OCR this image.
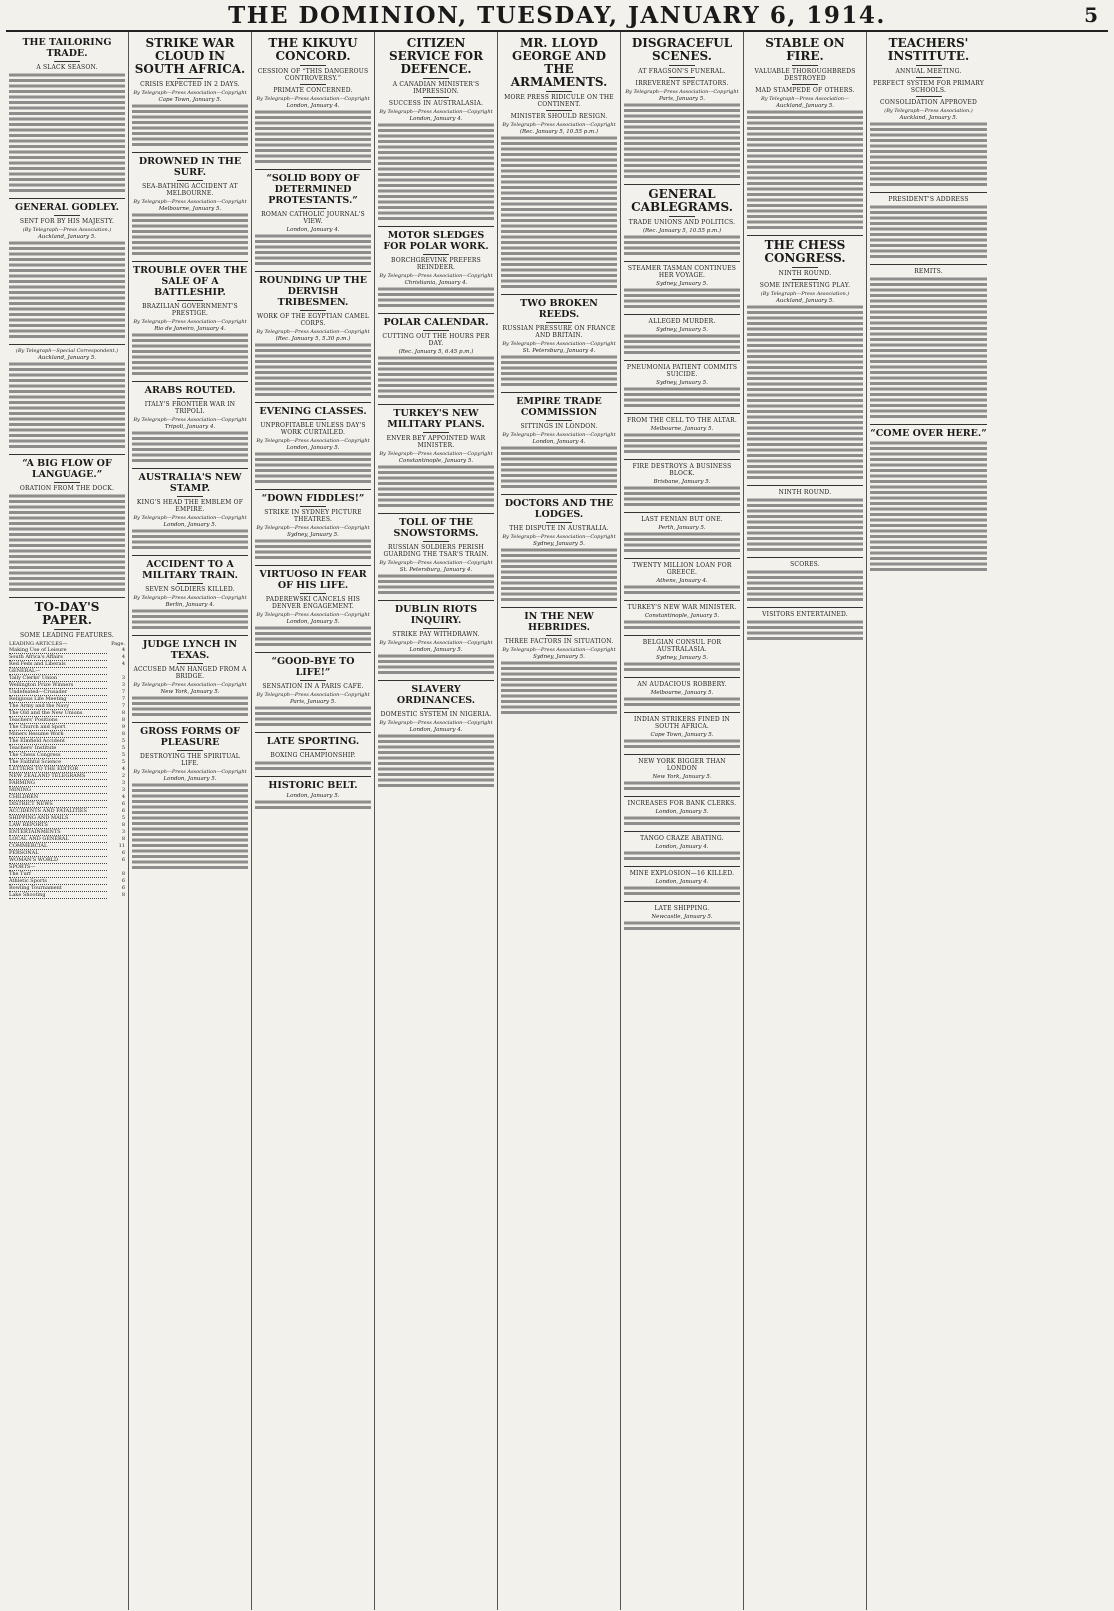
THE DOMINION, TUESDAY, JANUARY 6, 1914.	5
THE TAILORING TRADE.
A SLACK SEASON.
GENERAL GODLEY.
SENT FOR BY HIS MAJESTY.
(By Telegraph—Press Association.)
Auckland, January 5.
(By Telegraph—Special Correspondent.)
Auckland, January 5.
“A BIG FLOW OF LANGUAGE.”
ORATION FROM THE DOCK.
TO-DAY'S PAPER.
SOME LEADING FEATURES.
LEADING ARTICLES—	Page.
Making Use of Leisure	4
South Africa's Affairs	4
Red Feds and Liberals	4
GENERAL—	
Tally Clerks' Union	3
Wellington Prize Winners	3
Undefeated—Crusader	7
Religious Life Meeting	7
The Army and the Navy	7
The Old and the New Unions	8
Teachers' Positions	8
The Church and Sport	9
Miners Resume Work	8
The Elmfield Accident	5
Teachers' Institute	5
The Chess Congress	5
The Faithful Science	5
LETTERS TO THE EDITOR	4
NEW ZEALAND TELEGRAMS	2
FARMING	3
MINING	3
CHILDREN	4
DISTRICT NEWS	6
ACCIDENTS AND FATALITIES	6
SHIPPING AND MAILS	5
LAW REPORTS	8
ENTERTAINMENTS	3
LOCAL AND GENERAL	8
COMMERCIAL	11
PERSONAL	6
WOMAN'S WORLD	6
SPORTS—	
The Turf	8
Athletic Sports	6
Bowling Tournament	6
Lake Shooting	8
STRIKE WAR CLOUD IN SOUTH AFRICA.
CRISIS EXPECTED IN 2 DAYS.
By Telegraph—Press Association—Copyright
Cape Town, January 5.
DROWNED IN THE SURF.
SEA-BATHING ACCIDENT AT MELBOURNE.
By Telegraph—Press Association—Copyright
Melbourne, January 5.
TROUBLE OVER THE SALE OF A BATTLESHIP.
BRAZILIAN GOVERNMENT'S PRESTIGE.
By Telegraph—Press Association—Copyright
Rio de Janeiro, January 4.
ARABS ROUTED.
ITALY'S FRONTIER WAR IN TRIPOLI.
By Telegraph—Press Association—Copyright
Tripoli, January 4.
AUSTRALIA'S NEW STAMP.
KING'S HEAD THE EMBLEM OF EMPIRE.
By Telegraph—Press Association—Copyright
London, January 5.
ACCIDENT TO A MILITARY TRAIN.
SEVEN SOLDIERS KILLED.
By Telegraph—Press Association—Copyright
Berlin, January 4.
JUDGE LYNCH IN TEXAS.
ACCUSED MAN HANGED FROM A BRIDGE.
By Telegraph—Press Association—Copyright
New York, January 5.
GROSS FORMS OF PLEASURE
DESTROYING THE SPIRITUAL LIFE.
By Telegraph—Press Association—Copyright
London, January 5.
THE KIKUYU CONCORD.
CESSION OF “THIS DANGEROUS CONTROVERSY.”
PRIMATE CONCERNED.
By Telegraph—Press Association—Copyright
London, January 4.
“SOLID BODY OF DETERMINED PROTESTANTS.”
ROMAN CATHOLIC JOURNAL'S VIEW.
London, January 4.
ROUNDING UP THE DERVISH TRIBESMEN.
WORK OF THE EGYPTIAN CAMEL CORPS.
By Telegraph—Press Association—Copyright
(Rec. January 5, 5.30 p.m.)
EVENING CLASSES.
UNPROFITABLE UNLESS DAY'S WORK CURTAILED.
By Telegraph—Press Association—Copyright
London, January 5.
“DOWN FIDDLES!”
STRIKE IN SYDNEY PICTURE THEATRES.
By Telegraph—Press Association—Copyright
Sydney, January 5.
VIRTUOSO IN FEAR OF HIS LIFE.
PADEREWSKI CANCELS HIS DENVER ENGAGEMENT.
By Telegraph—Press Association—Copyright
London, January 5.
“GOOD-BYE TO LIFE!”
SENSATION IN A PARIS CAFE.
By Telegraph—Press Association—Copyright
Paris, January 5.
LATE SPORTING.
BOXING CHAMPIONSHIP.
HISTORIC BELT.
London, January 5.
CITIZEN SERVICE FOR DEFENCE.
A CANADIAN MINISTER'S IMPRESSION.
SUCCESS IN AUSTRALASIA.
By Telegraph—Press Association—Copyright
London, January 4.
MOTOR SLEDGES FOR POLAR WORK.
BORCHGREVINK PREFERS REINDEER.
By Telegraph—Press Association—Copyright
Christiania, January 4.
POLAR CALENDAR.
CUTTING OUT THE HOURS PER DAY.
(Rec. January 5, 6.45 p.m.)
TURKEY'S NEW MILITARY PLANS.
ENVER BEY APPOINTED WAR MINISTER.
By Telegraph—Press Association—Copyright
Constantinople, January 5.
TOLL OF THE SNOWSTORMS.
RUSSIAN SOLDIERS PERISH GUARDING THE TSAR'S TRAIN.
By Telegraph—Press Association—Copyright
St. Petersburg, January 4.
DUBLIN RIOTS INQUIRY.
STRIKE PAY WITHDRAWN.
By Telegraph—Press Association—Copyright
London, January 5.
SLAVERY ORDINANCES.
DOMESTIC SYSTEM IN NIGERIA.
By Telegraph—Press Association—Copyright
London, January 4.
MR. LLOYD GEORGE AND THE ARMAMENTS.
MORE PRESS RIDICULE ON THE CONTINENT.
MINISTER SHOULD RESIGN.
By Telegraph—Press Association—Copyright
(Rec. January 5, 10.55 p.m.)
TWO BROKEN REEDS.
RUSSIAN PRESSURE ON FRANCE AND BRITAIN.
By Telegraph—Press Association—Copyright
St. Petersburg, January 4.
EMPIRE TRADE COMMISSION
SITTINGS IN LONDON.
By Telegraph—Press Association—Copyright
London, January 4.
DOCTORS AND THE LODGES.
THE DISPUTE IN AUSTRALIA.
By Telegraph—Press Association—Copyright
Sydney, January 5.
IN THE NEW HEBRIDES.
THREE FACTORS IN SITUATION.
By Telegraph—Press Association—Copyright
Sydney, January 5.
DISGRACEFUL SCENES.
AT FRAGSON'S FUNERAL.
IRREVERENT SPECTATORS.
By Telegraph—Press Association—Copyright
Paris, January 5.
GENERAL CABLEGRAMS.
TRADE UNIONS AND POLITICS.
(Rec. January 5, 10.55 p.m.)
STEAMER TASMAN CONTINUES HER VOYAGE.
Sydney, January 5.
ALLEGED MURDER.
Sydney, January 5.
PNEUMONIA PATIENT COMMITS SUICIDE.
Sydney, January 5.
FROM THE CELL TO THE ALTAR.
Melbourne, January 5.
FIRE DESTROYS A BUSINESS BLOCK.
Brisbane, January 5.
LAST FENIAN BUT ONE.
Perth, January 5.
TWENTY MILLION LOAN FOR GREECE.
Athens, January 4.
TURKEY'S NEW WAR MINISTER.
Constantinople, January 5.
BELGIAN CONSUL FOR AUSTRALASIA.
Sydney, January 5.
AN AUDACIOUS ROBBERY.
Melbourne, January 5.
INDIAN STRIKERS FINED IN SOUTH AFRICA.
Cape Town, January 5.
NEW YORK BIGGER THAN LONDON
New York, January 5.
INCREASES FOR BANK CLERKS.
London, January 5.
TANGO CRAZE ABATING.
London, January 4.
MINE EXPLOSION—16 KILLED.
London, January 4.
LATE SHIPPING.
Newcastle, January 5.
STABLE ON FIRE.
VALUABLE THOROUGHBREDS DESTROYED
MAD STAMPEDE OF OTHERS.
By Telegraph—Press Association—
Auckland, January 5.
THE CHESS CONGRESS.
NINTH ROUND.
SOME INTERESTING PLAY.
(By Telegraph—Press Association.)
Auckland, January 5.
NINTH ROUND.
SCORES.
VISITORS ENTERTAINED.
TEACHERS' INSTITUTE.
ANNUAL MEETING.
PERFECT SYSTEM FOR PRIMARY SCHOOLS.
CONSOLIDATION APPROVED
(By Telegraph—Press Association.)
Auckland, January 5.
PRESIDENT'S ADDRESS
REMITS.
“COME OVER HERE.”
